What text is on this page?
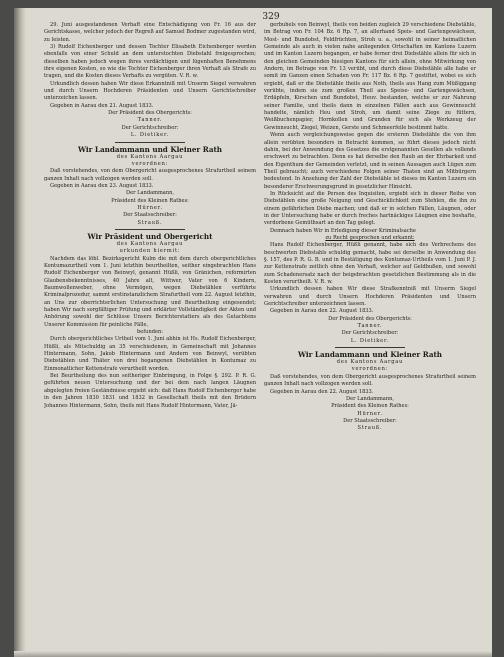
329
29. Juni ausgestandenen Verhaft eine Entschädigung von Fr. 16 aus der Gerichtskasse, welcher jedoch der Regreß auf Samuel Bodmer zugestanden wird, zu leisten.
3) Rudolf Eichenberger und dessen Tochter Elisabeth Eichenberger werden ebenfalls von einer Schuld an dem unterstochten Diebstahl freigesprochen; dieselben haben jedoch wegen ihres verdächtigen und lügenhaften Benehmens ihre eigenen Kosten, so wie die Tochter Eichenberger ihren Verhaft als Strafe zu tragen, und die Kosten dieses Verhafts zu vergüten. V. R. w.
Urkundlich dessen haben Wir diese Erkanntniß mit Unserm Siegel verwahren und durch Unsern Hochderen Präsidenten und Unsern Gerichtschreiber unterzeichen lassen.
Gegeben in Aarau den 21. August 1833.
Der Präsident des Obergerichts:
Tanner.
Der Gerichtschreiber:
L. Dietiker.
Wir Landammann und Kleiner Rath
des Kantons Aargau
verordnen:
Daß vorstehendes, von dem Obergericht ausgesprochenes Strafurtheil seinem ganzen Inhalt nach vollzogen werden soll.
Gegeben in Aarau den 23. August 1833.
Der Landammann,
Präsident des Kleinen Rathes:
Hürner.
Der Staatsschreiber:
Strauß.
Wir Präsident und Obergericht
des Kantons Aargau
urkunden hiermit:
Nachdem das löbl. Bezirksgericht Kulm die mit dem durch obergerichtliches Kontumazurtheil vom 1. Juni letzthin beurtheilten, seither eingebrachten Hans Rudolf Eichenberger von Beinwyl, genannt Hüßli, von Gränichen, reformirten Glaubensbekenntnisses, 40 Jahre alt, Wittwer, Vater von 6 Kindern, Baumwollenweber, ohne Vermögen, wegen Diebstählen verführte Kriminalprozedur, sammt erstinstanzlichem Strafurtheil vom 22. August letzthin, an Uns zur oberrichterlichen Untersuchung und Beurtheilung eingesendet; haben Wir nach sorgfältiger Prüfung und erklärter Vollständigkeit der Akten und Anhörung sowohl der Schlüsse Unsers Berichterstatters als des Gutachtens Unserer Kommission für peinliche Fälle,
befunden:
Durch obergerichtliches Urtheil vom 1. Juni abhin ist Hs. Rudolf Eichenberger, Hüßli, als Mitschuldig an 35 verschiedenen, in Gemeinschaft mit Johannes Hintermann, Sohn, Jakob Hintermann und Andern von Beinwyl, verübten Diebstählen und Thäter von drei begangenen Diebstählen in Kontumaz zu Einmonatlicher Kettenstrafe verurtheilt worden.
Bei Beurtheilung des nun seitheriger Einbringung, in Folge §. 292. P. R. G. geführten neuen Untersuchung und der bei dem nach langen Läugnen abgelegten freien Geständnisse ergiebt sich: daß Hans Rudolf Eichenberger habe in den Jahren 1830 1831 und 1832 in Gesellschaft theils mit den Brüdern Johannes Hintermann, Sohn, theils mit Hans Rudolf Hintermann, Vater, Jä-
gerbuhels von Beinwyl, theils von beiden zugleich 29 verschiedene Diebstähle, im Betrag von Fr. 104 Bz. 6 Rp. 7, an allerhand Speis- und Gartengewächsen, Most- und Bundobst, Feldfrüchten, Stroh u. a., sowohl in seiner heimatlichen Gemeinde als auch in vielen nahe anliegenden Ortschaften im Kantons Luzern und im Kanton Luzern begangen, er habe ferner drei Diebstähle allein für sich in den gleichen Gemeinden hiesigen Kantons für sich allein, ohne Mitwirkung von Andern, im Betrage von Fr. 13 verübt, und durch diese Diebstähle alle habe er somit im Ganzen einen Schaden von Fr. 117 Bz. 6 Rp. 7 gestiftet, wobei es sich ergiebt, daß er die Diebstähle theils aus Noth, theils aus Hang zum Müßiggang verübte, indem sie zum großen Theil aus Speise- und Gartengewächsen, Erdäpfeln, Kirschen und Bundobst, Heuv. bestanden, welche er zur Nahrung seiner Familie, und theils dann in einzelnen Fällen auch aus Gewinnsucht handelte, nämlich Heu und Stroh, um damit seine Ziege zu füttern, Weißbuchenpapier, Hornkollen und Grunden für sich als Werkzeug der Gewinnsucht, Ziegel, Weizen, Gerste und Schmeerfeile bestimmt hatte.
Wenn auch vergleichungsweise gegen die ersteren Diebstähle die von ihm allein verübten besonders in Betracht kommen, so führt dieses jedoch nicht dahin, bei der Anwendung des Gesetzes die erstgenannten Gesellen als vollends erschwert zu betrachten. Denn es hat derselbe den Raub an der Ehrbarkeit und den Eigenthum der Gemeinden verletzt, und in seinen Aussagen auch Lügen zum Theil gebraucht; auch verschiedene Folgen seiner Thaten sind an Mitbürgern bedeutend. In Ansehung der Zahl der Diebstähle ist dieses im Kanton Luzern ein besonderer Erschwerungsgrund in gesetzlicher Hinsicht.
In Rücksicht auf die Person des Inquisiten, ergiebt sich in dieser Reihe von Diebstählen eine große Neigung und Geschicklichkeit zum Stehlen, die ihn zu einem gefährlichen Diebe machen; und daß er in solchen Fällen, Läugnen, oder in der Untersuchung habe er durch freches hartnäckiges Läugnen eine boshafte, verdorbene Gemüthsart an den Tag gelegt.
Demnach haben Wir in Erledigung dieser Kriminalsache
zu Recht gesprochen und erkannt:
Hans Rudolf Eichenberger, Hüßli genannt, habe sich des Verbrechens des beschwerten Diebstahls schuldig gemacht, habe sei derselbe in Anwendung des §. 157, des P. R. G. B. und in Bestätigung des Kontumaz-Urtheils vom 1. Juni P. J. zur Kettenstrafe zeitlich ohne den Verhaft, welcher auf Geldbußen, und sowohl zum Schadenersatz nach der beigebrachten gesetzlichen Bestimmung als in die Kosten verurtheilt. V. R. w.
Urkundlich dessen haben Wir diese Strafkenntniß mit Unserm Siegel verwahren und durch Unsern Hochderen Präsidenten und Unsern Gerichtschreiber unterzeichnen lassen.
Gegeben in Aarau den 22. August 1833.
Der Präsident des Obergerichts:
Tanner.
Der Gerichtschreiber:
L. Dietiker.
Wir Landammann und Kleiner Rath
des Kantons Aargau
verordnen:
Daß vorstehendes, von dem Obergericht ausgesprochenes Strafurtheil seinem ganzen Inhalt nach vollzogen werden soll.
Gegeben in Aarau den 22. August 1833.
Der Landammann,
Präsident des Kleinen Rathes:
Hürner.
Der Staatsschreiber:
Strauß.
